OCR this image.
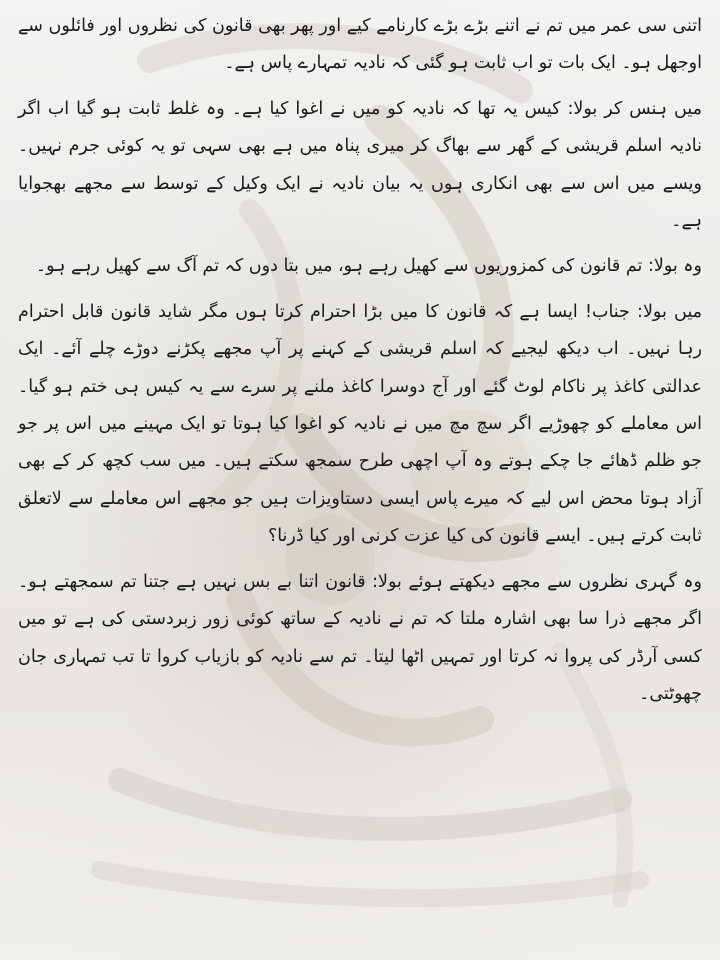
اتنی سی عمر میں تم نے اتنے بڑے بڑے کارنامے کیے اور پھر بھی قانون کی نظروں اور فائلوں سے اوجھل ہو۔ ایک بات تو اب ثابت ہو گئی کہ نادیہ تمہارے پاس ہے۔

میں ہنس کر بولا: کیس یہ تھا کہ نادیہ کو میں نے اغوا کیا ہے۔ وہ غلط ثابت ہو گیا اب اگر نادیہ اسلم قریشی کے گھر سے بھاگ کر میری پناہ میں ہے بھی سہی تو یہ کوئی جرم نہیں۔ ویسے میں اس سے بھی انکاری ہوں یہ بیان نادیہ نے ایک وکیل کے توسط سے مجھے بھجوایا ہے۔

وہ بولا: تم قانون کی کمزوریوں سے کھیل رہے ہو، میں بتا دوں کہ تم آگ سے کھیل رہے ہو۔

میں بولا: جناب! ایسا ہے کہ قانون کا میں بڑا احترام کرتا ہوں مگر شاید قانون قابل احترام رہا نہیں۔ اب دیکھ لیجیے کہ اسلم قریشی کے کہنے پر آپ مجھے پکڑنے دوڑے چلے آئے۔ ایک عدالتی کاغذ پر ناکام لوٹ گئے اور آج دوسرا کاغذ ملنے پر سرے سے یہ کیس ہی ختم ہو گیا۔ اس معاملے کو چھوڑیے اگر سچ مچ میں نے نادیہ کو اغوا کیا ہوتا تو ایک مہینے میں اس پر جو جو ظلم ڈھائے جا چکے ہوتے وہ آپ اچھی طرح سمجھ سکتے ہیں۔ میں سب کچھ کر کے بھی آزاد ہوتا محض اس لیے کہ میرے پاس ایسی دستاویزات ہیں جو مجھے اس معاملے سے لاتعلق ثابت کرتے ہیں۔ ایسے قانون کی کیا عزت کرنی اور کیا ڈرنا؟

وہ گہری نظروں سے مجھے دیکھتے ہوئے بولا: قانون اتنا بے بس نہیں ہے جتنا تم سمجھتے ہو۔ اگر مجھے ذرا سا بھی اشارہ ملتا کہ تم نے نادیہ کے ساتھ کوئی زور زبردستی کی ہے تو میں کسی آرڈر کی پروا نہ کرتا اور تمہیں اٹھا لیتا۔ تم سے نادیہ کو بازیاب کروا تا تب تمہاری جان چھوٹتی۔
